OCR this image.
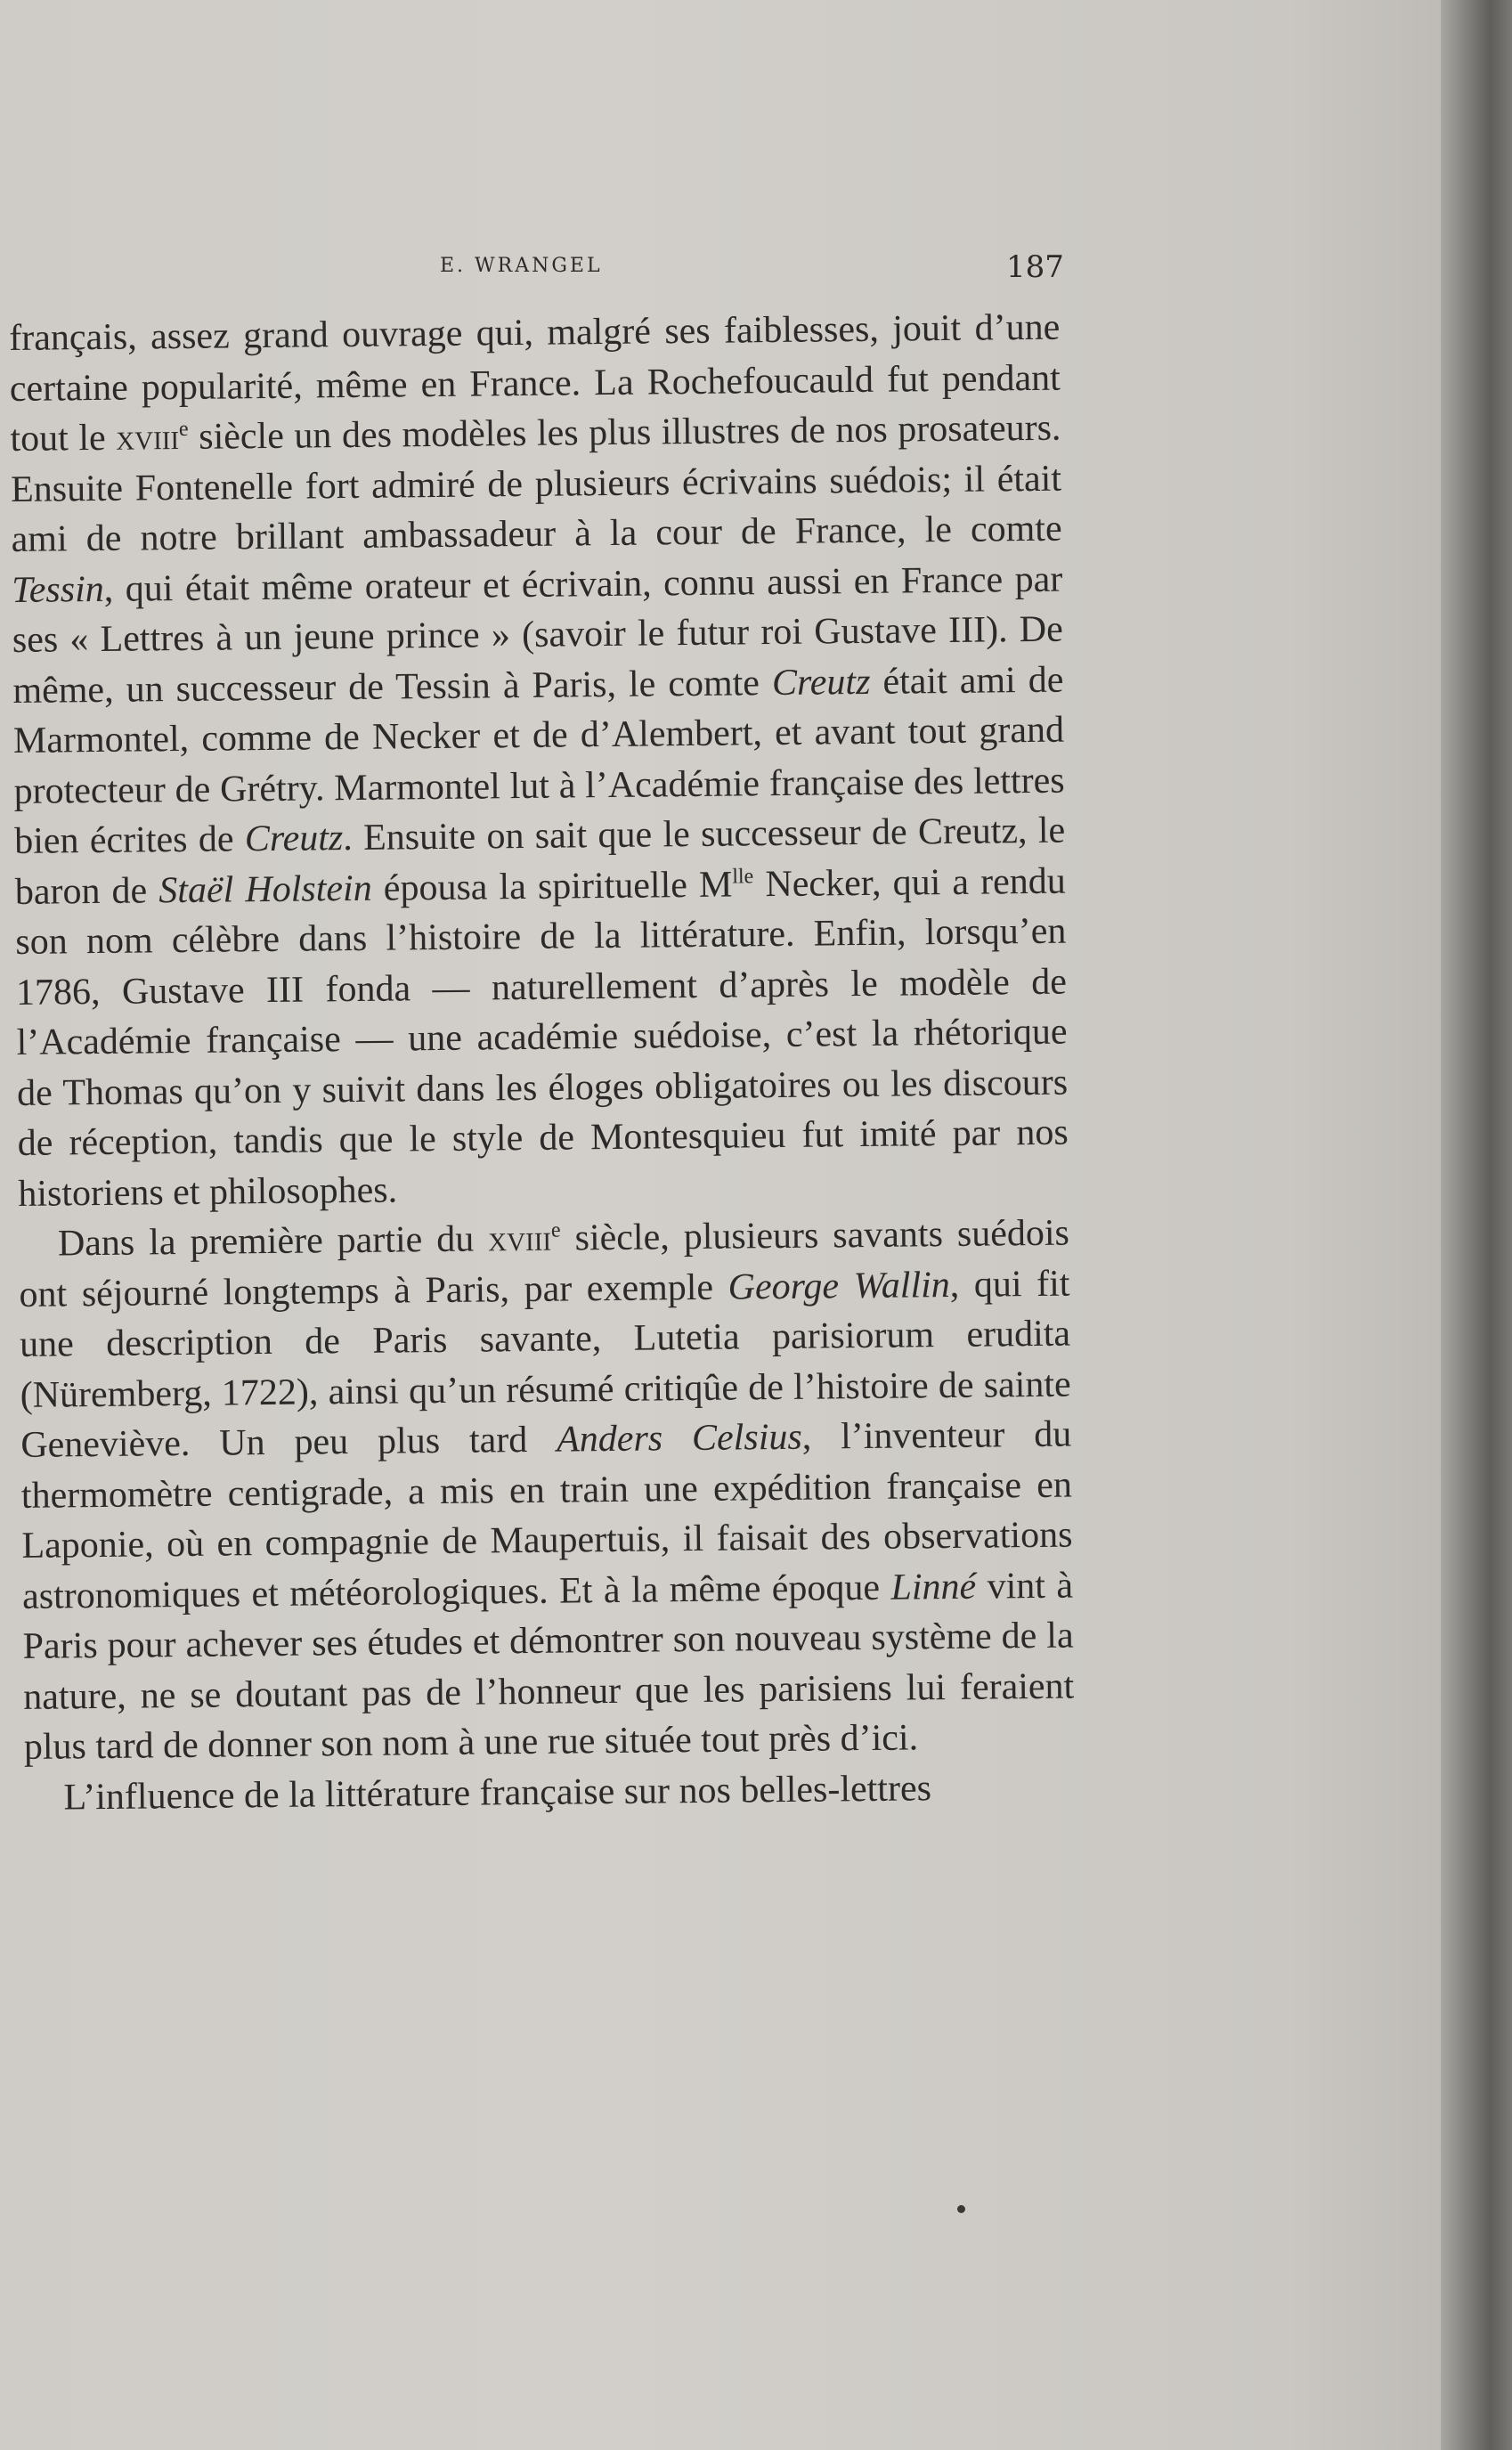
E. WRANGEL	187

français, assez grand ouvrage qui, malgré ses faiblesses, jouit d’une certaine popularité, même en France. La Rochefoucauld fut pendant tout le xviii$^e$ siècle un des modèles les plus illustres de nos prosateurs. Ensuite Fontenelle fort admiré de plusieurs écrivains suédois; il était ami de notre brillant ambassadeur à la cour de France, le comte Tessin, qui était même orateur et écrivain, connu aussi en France par ses « Lettres à un jeune prince » (savoir le futur roi Gustave III). De même, un successeur de Tessin à Paris, le comte Creutz était ami de Marmontel, comme de Necker et de d’Alembert, et avant tout grand protecteur de Grétry. Marmontel lut à l’Académie française des lettres bien écrites de Creutz. Ensuite on sait que le successeur de Creutz, le baron de Staël Holstein épousa la spirituelle $M^{lle}$ Necker, qui a rendu son nom célèbre dans l’histoire de la littérature. Enfin, lorsqu’en 1786, Gustave III fonda — naturellement d’après le modèle de l’Académie française — une académie suédoise, c’est la rhétorique de Thomas qu’on y suivit dans les éloges obligatoires ou les discours de réception, tandis que le style de Montesquieu fut imité par nos historiens et philosophes.

Dans la première partie du xviii$^e$ siècle, plusieurs savants suédois ont séjourné longtemps à Paris, par exemple George Wallin, qui fit une description de Paris savante, Lutetia parisiorum erudita (Nüremberg, 1722), ainsi qu’un résumé critiqûe de l’histoire de sainte Geneviève. Un peu plus tard Anders Celsius, l’inventeur du thermomètre centigrade, a mis en train une expédition française en Laponie, où en compagnie de Maupertuis, il faisait des observations astronomiques et météorologiques. Et à la même époque Linné vint à Paris pour achever ses études et démontrer son nouveau système de la nature, ne se doutant pas de l’honneur que les parisiens lui feraient plus tard de donner son nom à une rue située tout près d’ici.

L’influence de la littérature française sur nos belles-lettres
